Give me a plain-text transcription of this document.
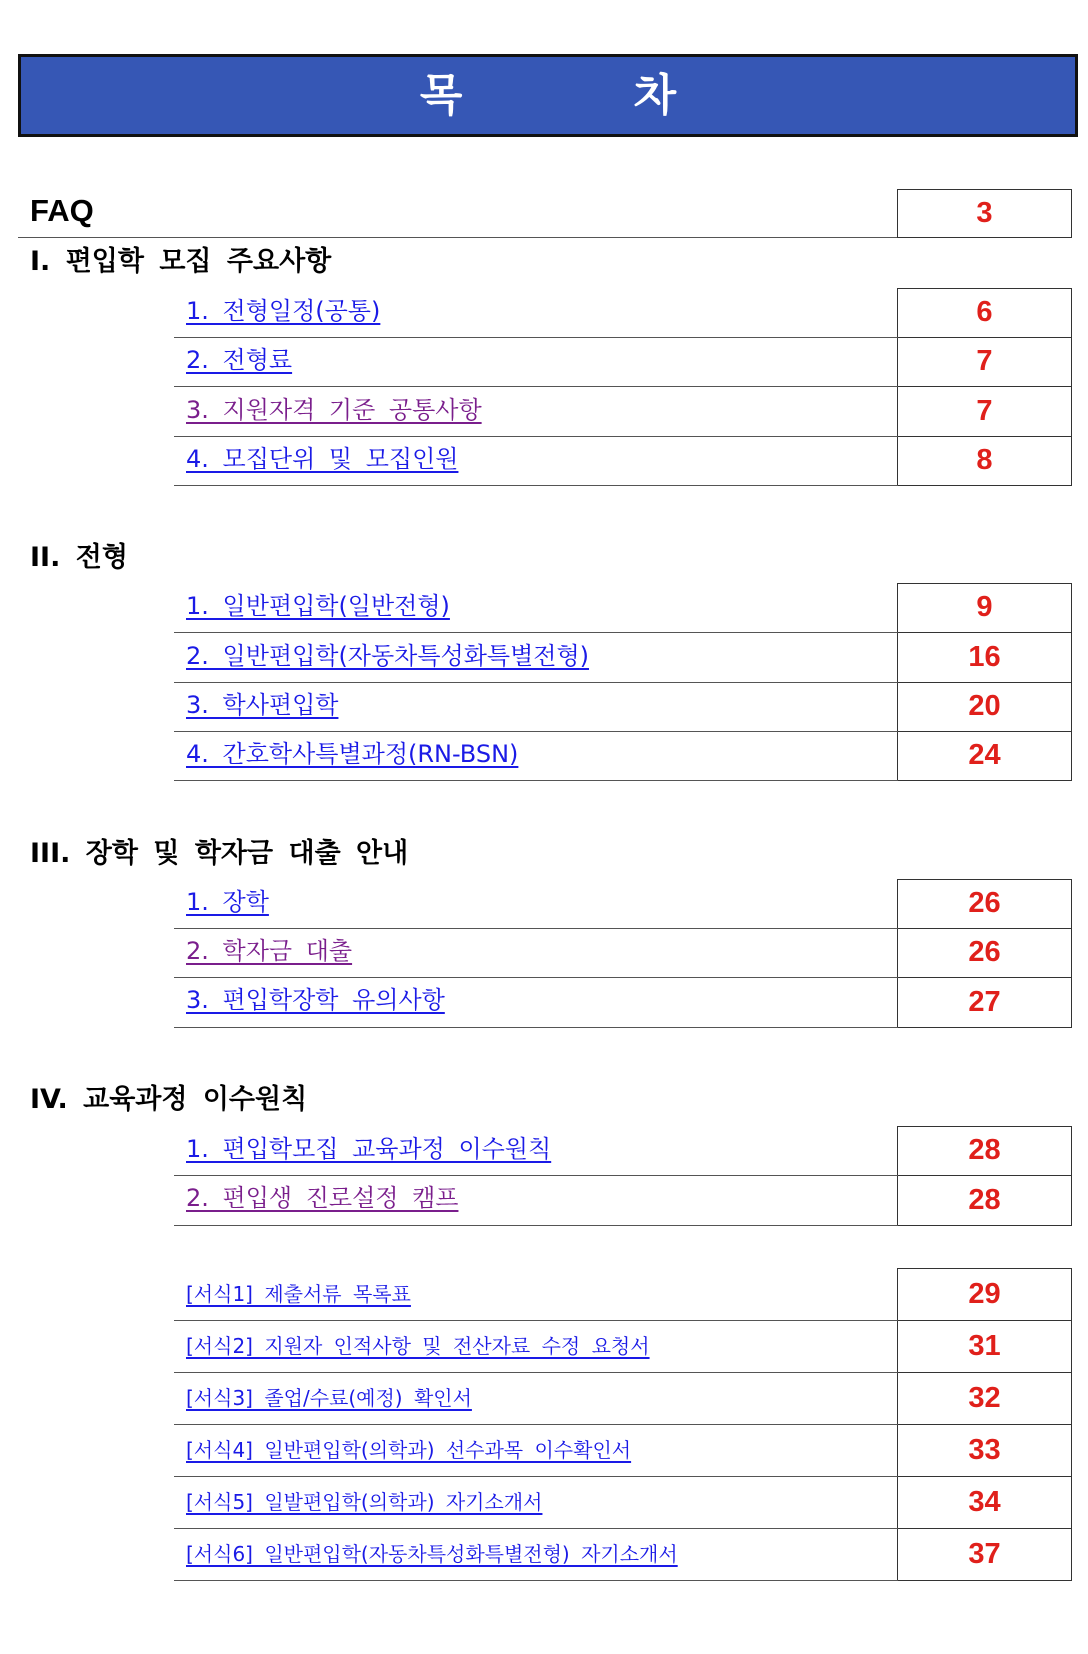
목 차
FAQ	3
I. 편입학 모집 주요사항
1. 전형일정(공통)	6
2. 전형료	7
3. 지원자격 기준 공통사항	7
4. 모집단위 및 모집인원	8
II. 전형
1. 일반편입학(일반전형)	9
2. 일반편입학(자동차특성화특별전형)	16
3. 학사편입학	20
4. 간호학사특별과정(RN-BSN)	24
III. 장학 및 학자금 대출 안내
1. 장학	26
2. 학자금 대출	26
3. 편입학장학 유의사항	27
IV. 교육과정 이수원칙
1. 편입학모집 교육과정 이수원칙	28
2. 편입생 진로설정 캠프	28
[서식1] 제출서류 목록표	29
[서식2] 지원자 인적사항 및 전산자료 수정 요청서	31
[서식3] 졸업/수료(예정) 확인서	32
[서식4] 일반편입학(의학과) 선수과목 이수확인서	33
[서식5] 일발편입학(의학과) 자기소개서	34
[서식6] 일반편입학(자동차특성화특별전형) 자기소개서	37
